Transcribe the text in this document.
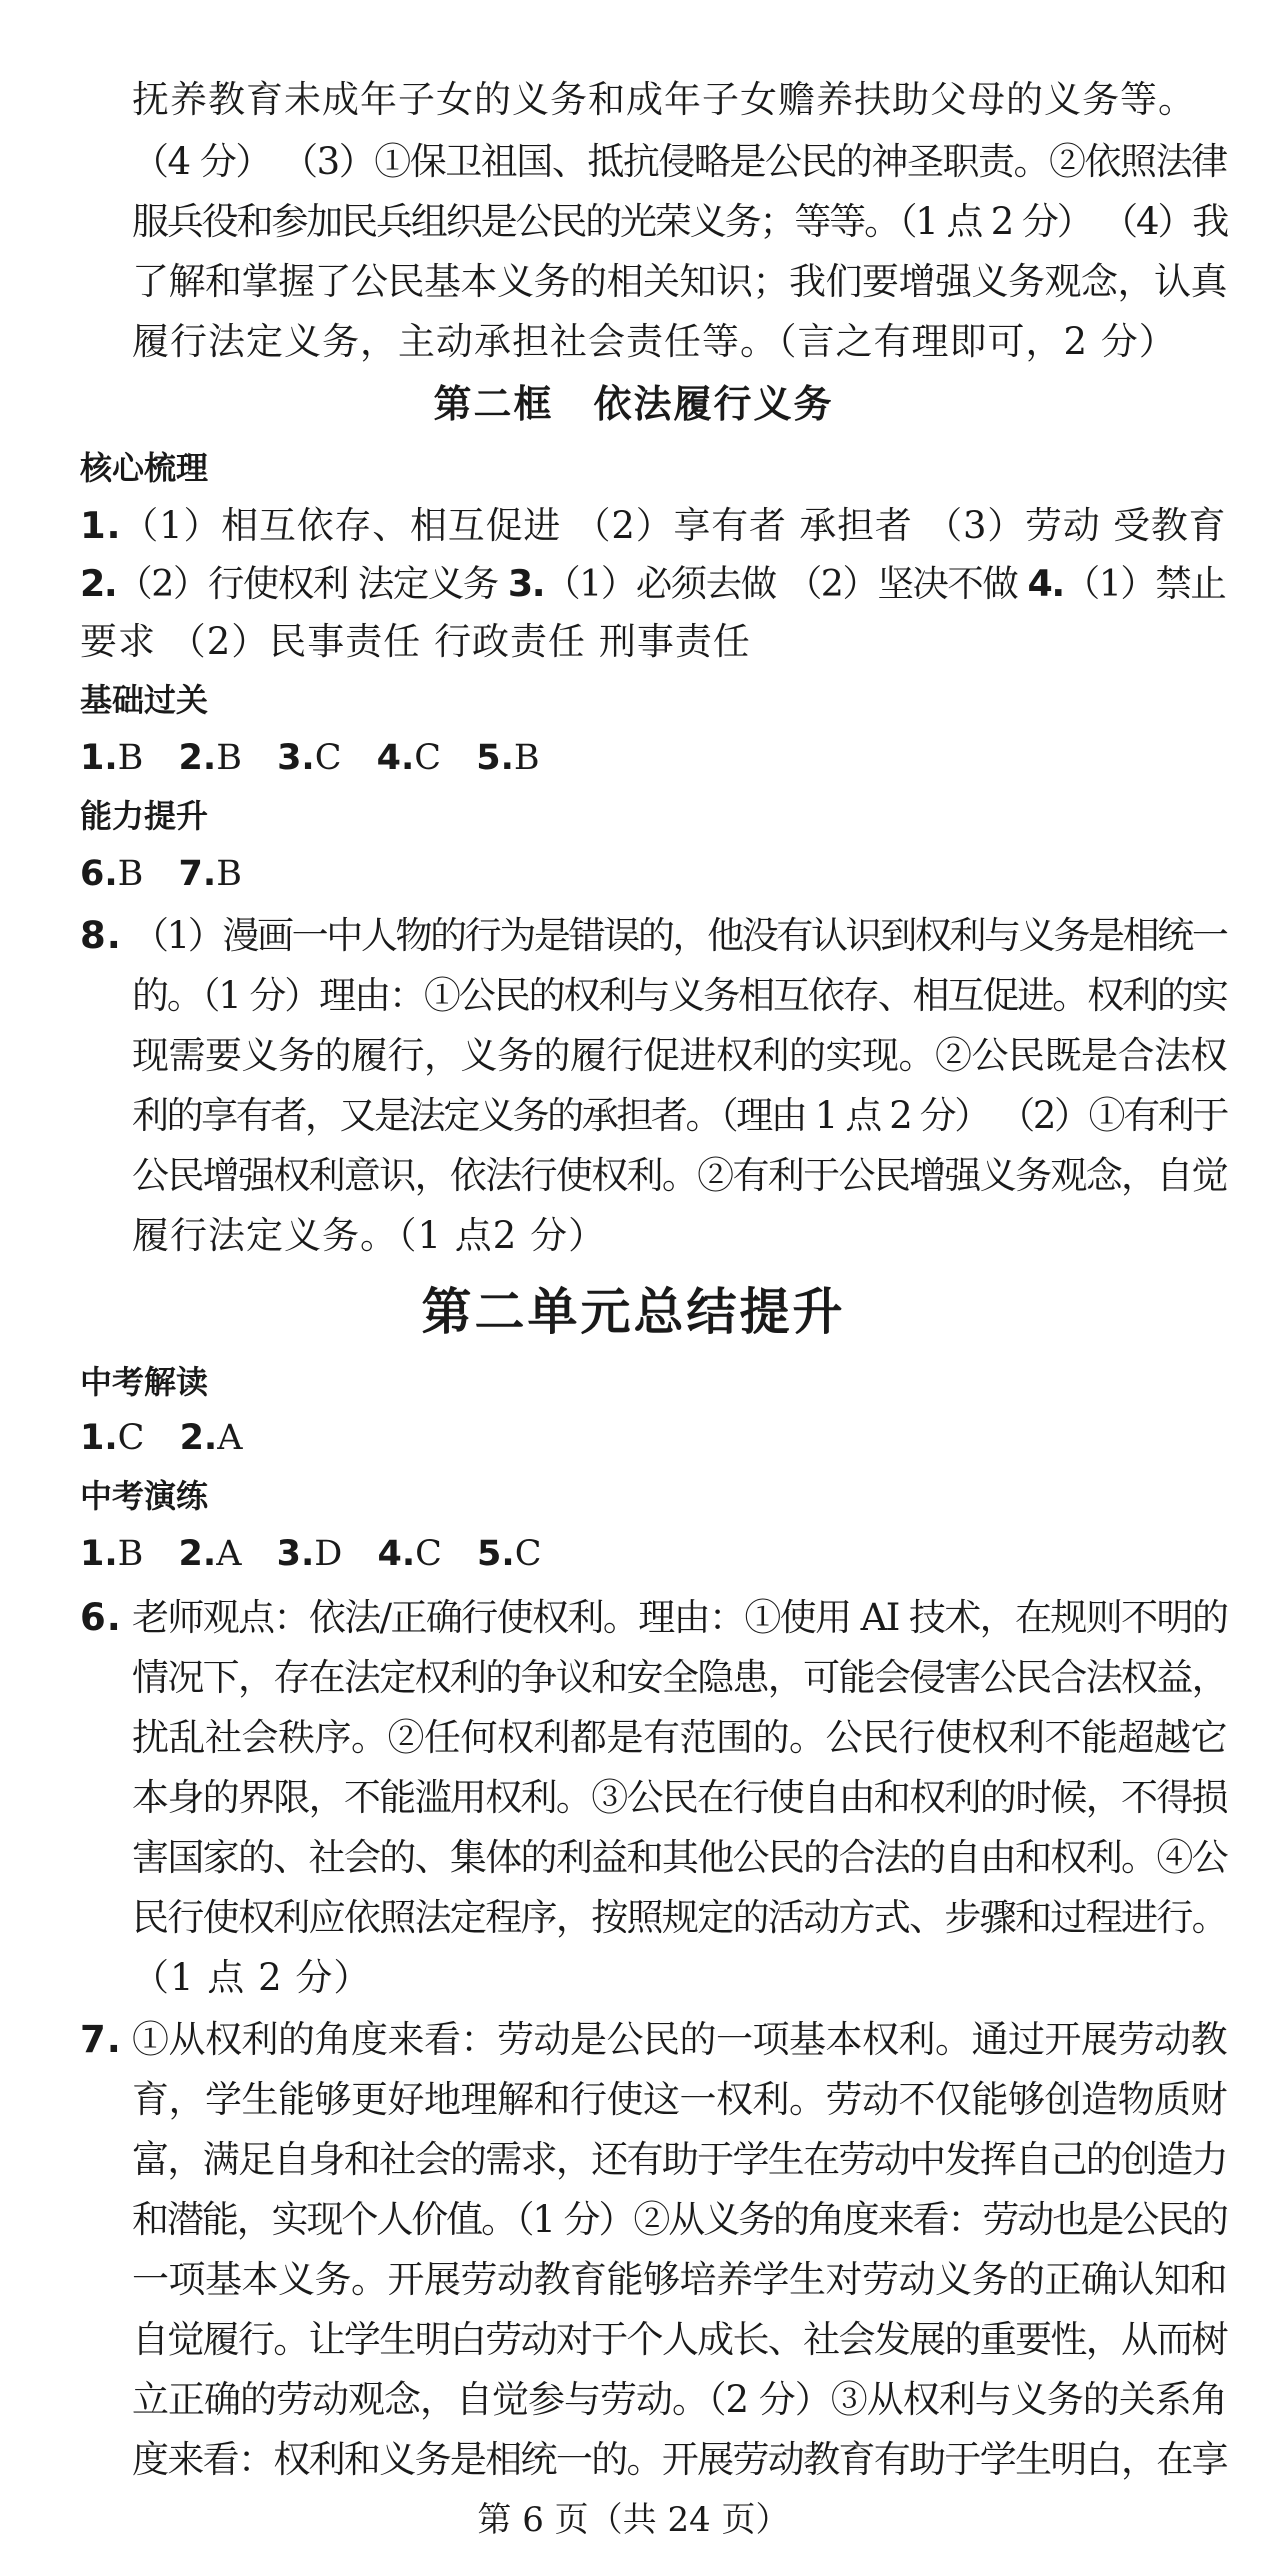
抚养教育未成年子女的义务和成年子女赡养扶助父母的义务等。
（4 分） （3）①保卫祖国、抵抗侵略是公民的神圣职责。②依照法律
服兵役和参加民兵组织是公民的光荣义务；等等。（1 点 2 分） （4）我
了解和掌握了公民基本义务的相关知识；我们要增强义务观念，认真
履行法定义务，主动承担社会责任等。（言之有理即可，2 分）
第二框　依法履行义务
核心梳理
1.（1）相互依存、相互促进 （2）享有者 承担者 （3）劳动 受教育
2.（2）行使权利 法定义务 3.（1）必须去做 （2）坚决不做 4.（1）禁止
要求 （2）民事责任 行政责任 刑事责任
基础过关
1.B 2.B 3.C 4.C 5.B
能力提升
6.B 7.B
8. （1）漫画一中人物的行为是错误的，他没有认识到权利与义务是相统一
的。（1 分）理由：①公民的权利与义务相互依存、相互促进。权利的实
现需要义务的履行，义务的履行促进权利的实现。②公民既是合法权
利的享有者，又是法定义务的承担者。（理由 1 点 2 分） （2）①有利于
公民增强权利意识，依法行使权利。②有利于公民增强义务观念，自觉
履行法定义务。（1 点2 分）
第二单元总结提升
中考解读
1.C 2.A
中考演练
1.B 2.A 3.D 4.C 5.C
6. 老师观点：依法/正确行使权利。理由：①使用 AI 技术，在规则不明的
情况下，存在法定权利的争议和安全隐患，可能会侵害公民合法权益，
扰乱社会秩序。②任何权利都是有范围的。公民行使权利不能超越它
本身的界限，不能滥用权利。③公民在行使自由和权利的时候，不得损
害国家的、社会的、集体的利益和其他公民的合法的自由和权利。④公
民行使权利应依照法定程序，按照规定的活动方式、步骤和过程进行。
（1 点 2 分）
7. ①从权利的角度来看：劳动是公民的一项基本权利。通过开展劳动教
育，学生能够更好地理解和行使这一权利。劳动不仅能够创造物质财
富，满足自身和社会的需求，还有助于学生在劳动中发挥自己的创造力
和潜能，实现个人价值。（1 分）②从义务的角度来看：劳动也是公民的
一项基本义务。开展劳动教育能够培养学生对劳动义务的正确认知和
自觉履行。让学生明白劳动对于个人成长、社会发展的重要性，从而树
立正确的劳动观念，自觉参与劳动。（2 分）③从权利与义务的关系角
度来看：权利和义务是相统一的。开展劳动教育有助于学生明白，在享
第 6 页（共 24 页）
